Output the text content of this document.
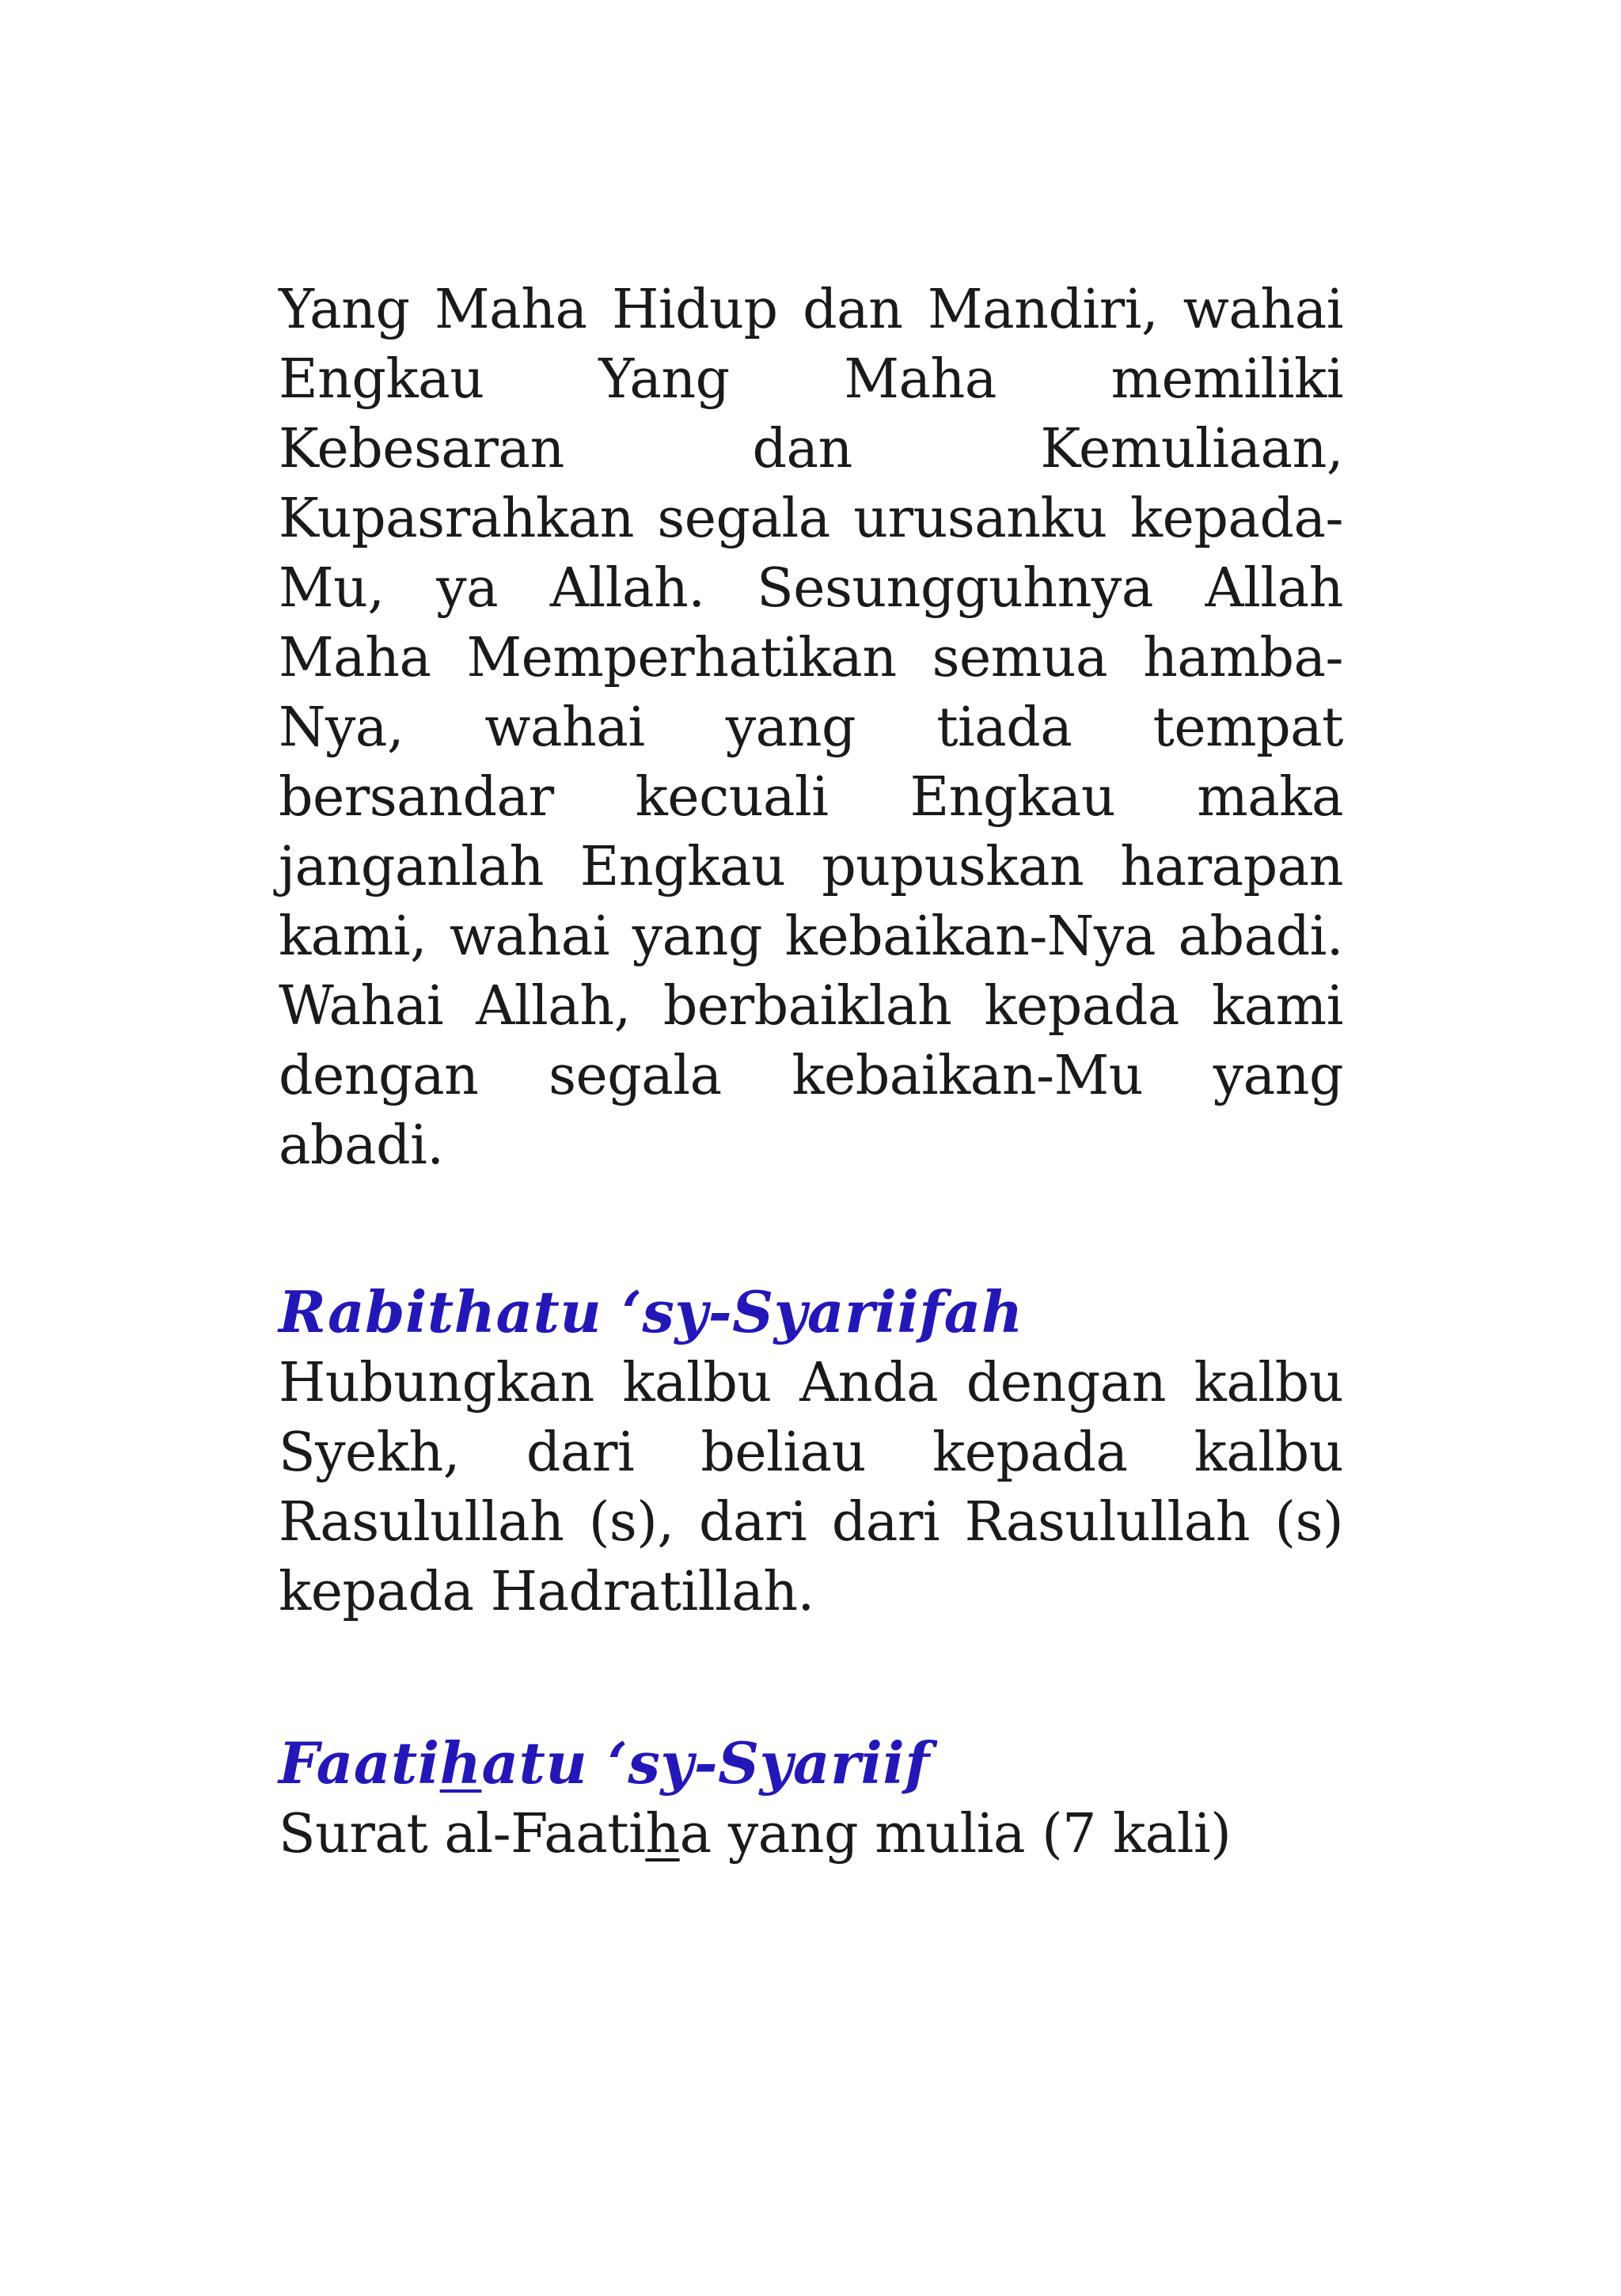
Yang Maha Hidup dan Mandiri, wahai Engkau Yang Maha memiliki Kebesaran dan Kemuliaan, Kupasrahkan segala urusanku kepada-Mu, ya Allah. Sesungguhnya Allah Maha Memperhatikan semua hamba-Nya, wahai yang tiada tempat bersandar kecuali Engkau maka janganlah Engkau pupuskan harapan kami, wahai yang kebaikan-Nya abadi. Wahai Allah, berbaiklah kepada kami dengan segala kebaikan-Mu yang abadi.

Rabithatu ‘sy-Syariifah

Hubungkan kalbu Anda dengan kalbu Syekh, dari beliau kepada kalbu Rasulullah (s), dari dari Rasulullah (s) kepada Hadratillah.

Faatihatu ‘sy-Syariif

Surat al-Faatiha yang mulia (7 kali)
